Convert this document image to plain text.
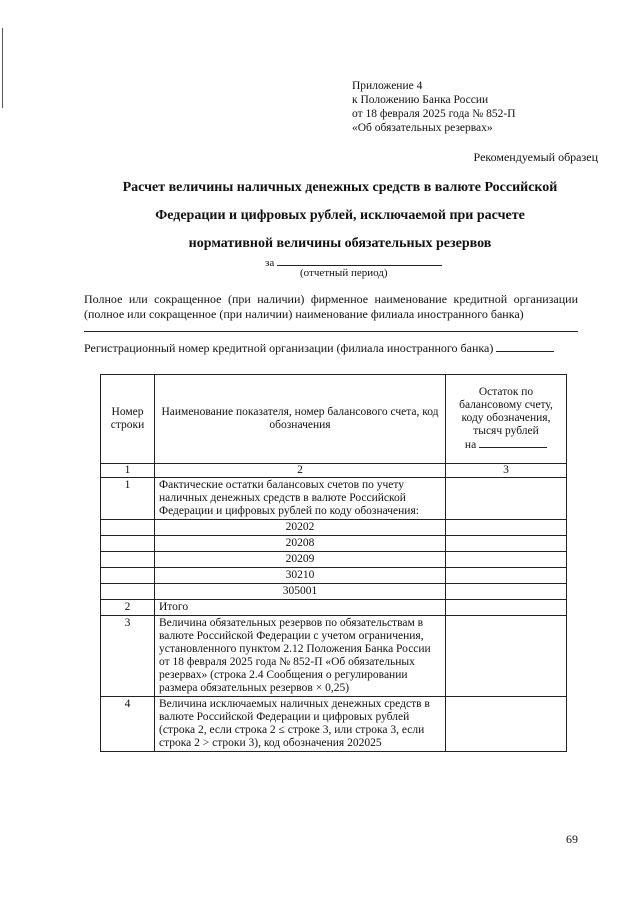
Приложение 4
к Положению Банка России
от 18 февраля 2025 года № 852-П
«Об обязательных резервах»
Рекомендуемый образец
Расчет величины наличных денежных средств в валюте Российской
Федерации и цифровых рублей, исключаемой при расчете
нормативной величины обязательных резервов
за
(отчетный период)
Полное или сокращенное (при наличии) фирменное наименование кредитной организации (полное или сокращенное (при наличии) наименование филиала иностранного банка)
Регистрационный номер кредитной организации (филиала иностранного банка)
Номер строки	Наименование показателя, номер балансового счета, код обозначения	Остаток по балансовому счету, коду обозначения, тысяч рублей
на

1	2	3
1	Фактические остатки балансовых счетов по учету наличных денежных средств в валюте Российской Федерации и цифровых рублей по коду обозначения:	
	20202	
	20208	
	20209	
	30210	
	305001	
2	Итого	
3	Величина обязательных резервов по обязательствам в валюте Российской Федерации с учетом ограничения, установленного пунктом 2.12 Положения Банка России от 18 февраля 2025 года № 852-П «Об обязательных резервах» (строка 2.4 Сообщения о регулировании размера обязательных резервов × 0,25)	
4	Величина исключаемых наличных денежных средств в валюте Российской Федерации и цифровых рублей (строка 2, если строка 2 ≤ строке 3, или строка 3, если строка 2 > строки 3), код обозначения 202025	
69
